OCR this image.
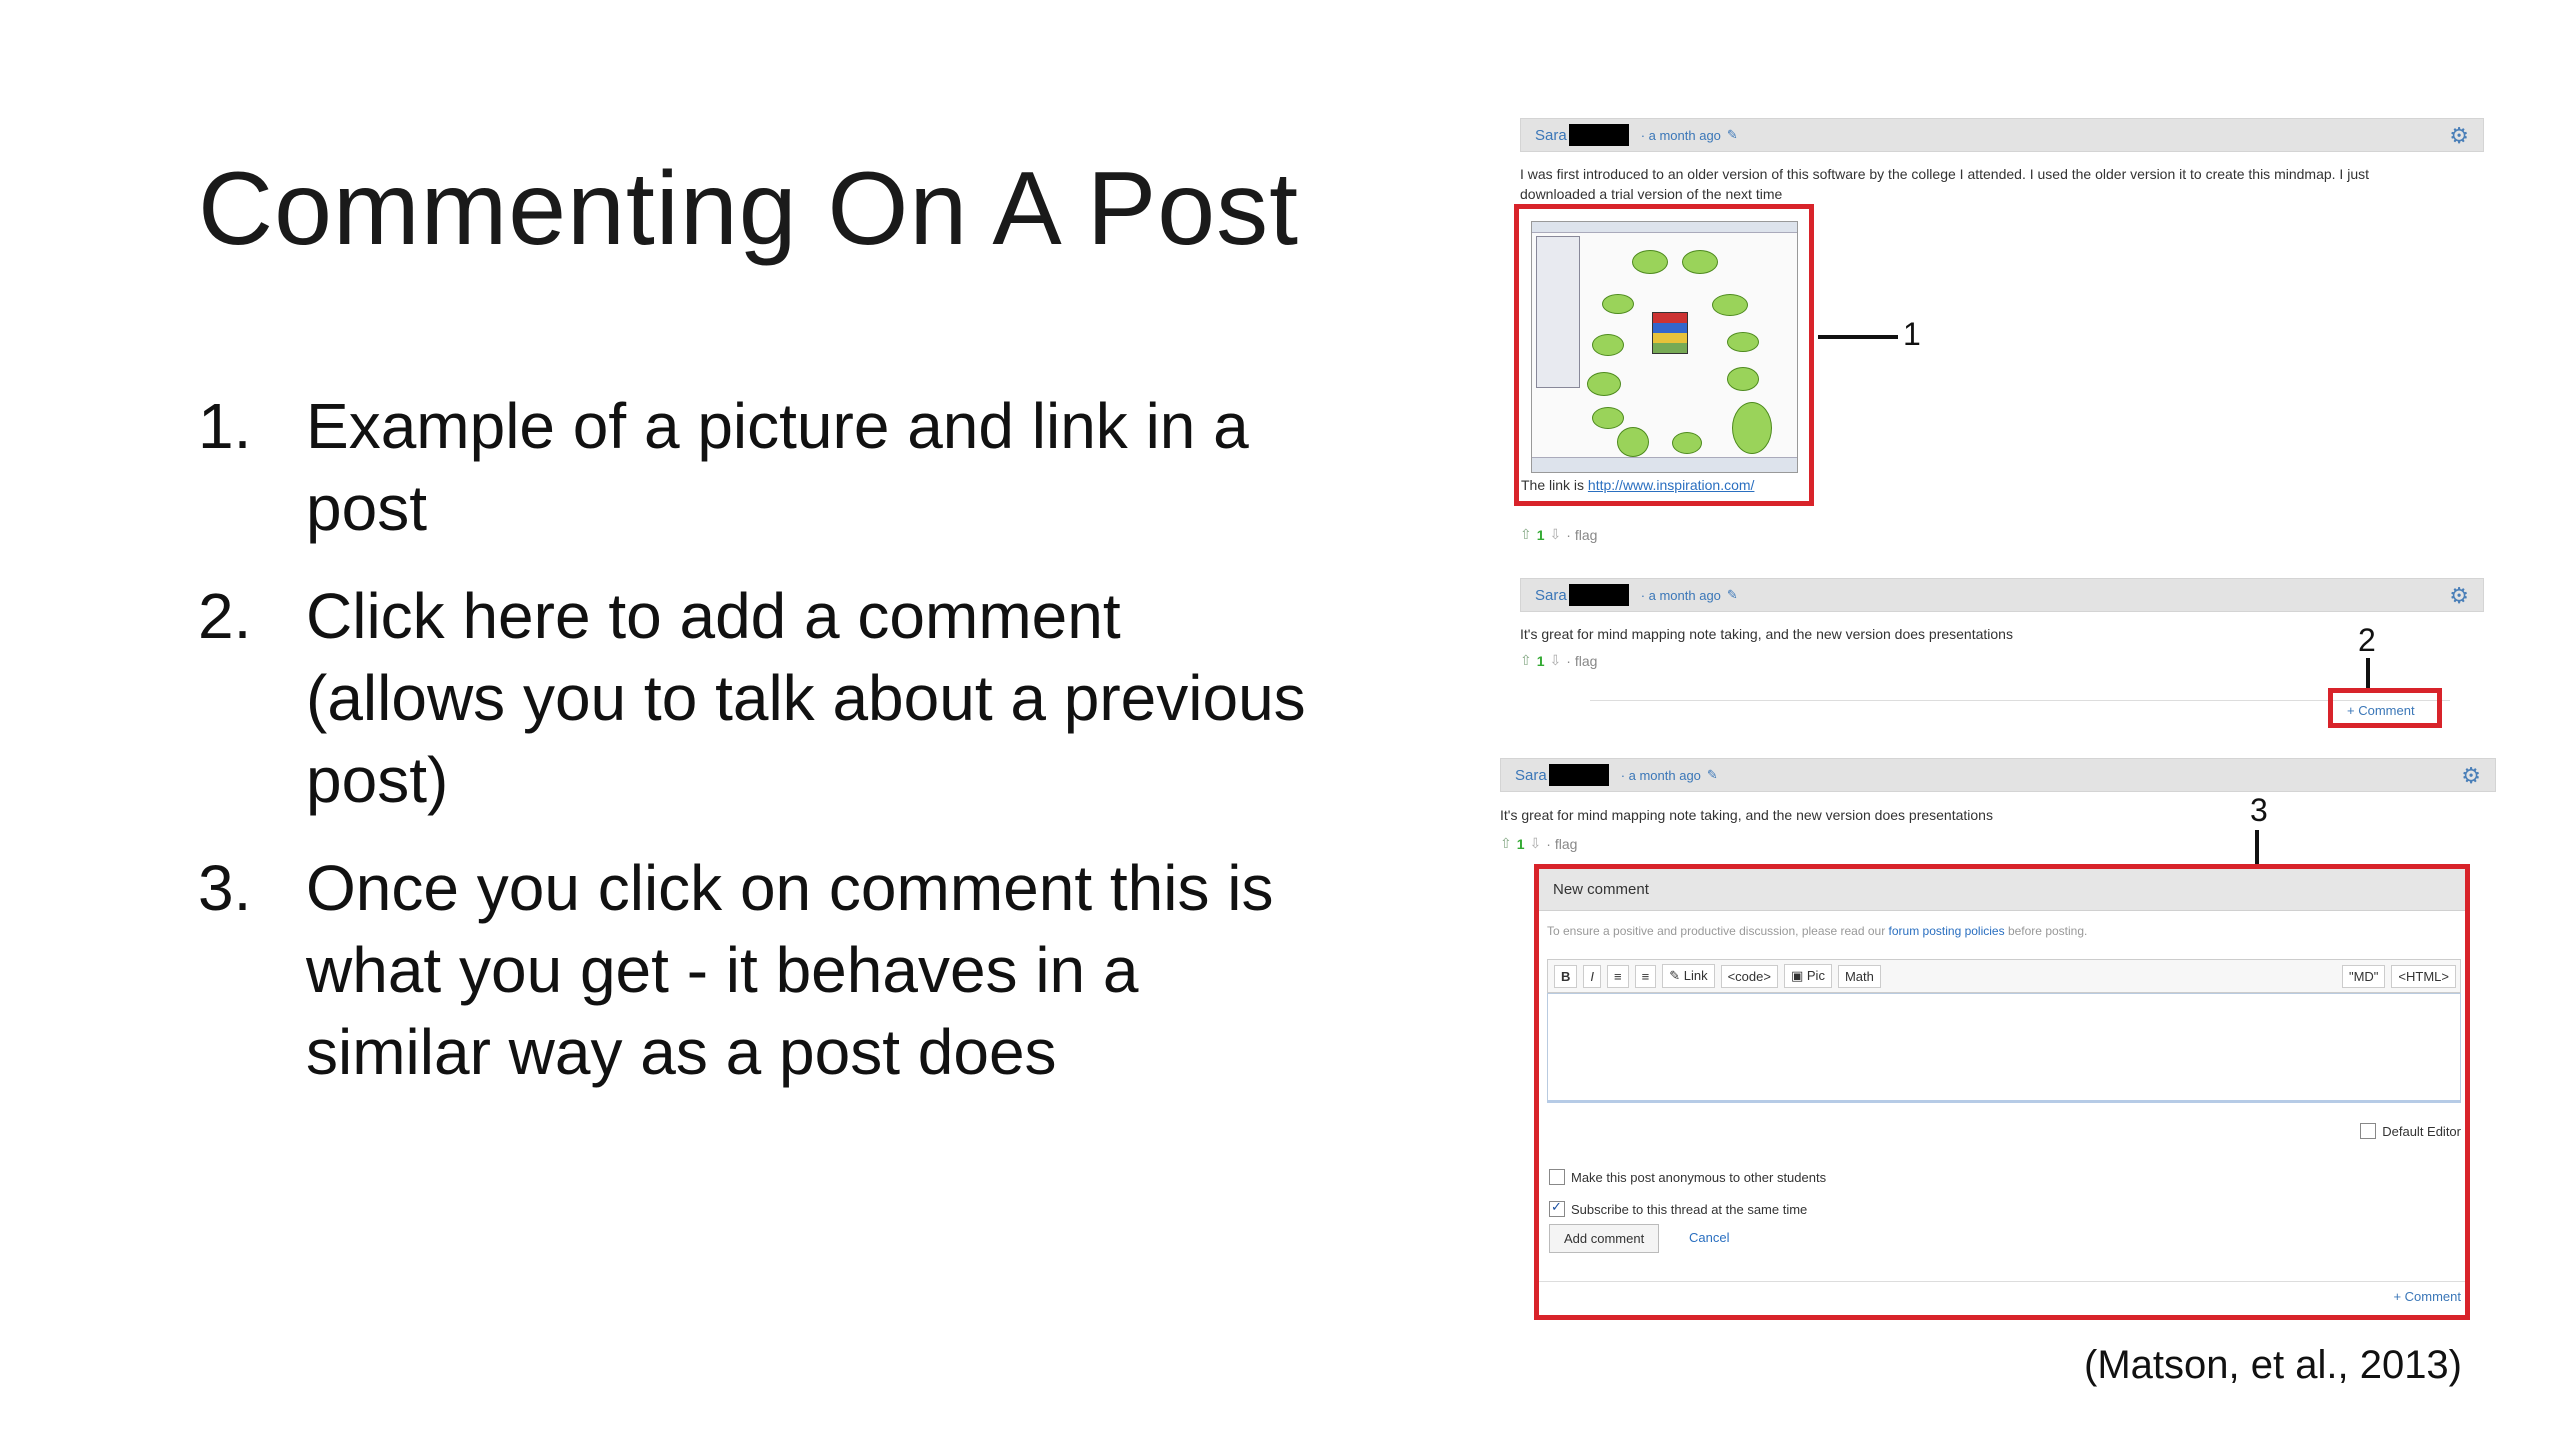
Commenting On A Post
1. Example of a picture and link in a post
2. Click here to add a comment (allows you to talk about a previous post)
3. Once you click on comment this is what you get - it behaves in a similar way as a post does
Sara	· a month ago ✎	⚙
I was first introduced to an older version of this software by the college I attended. I used the older version it to create this mindmap. I just
downloaded a trial version of the next time
The link is http://www.inspiration.com/
1
⇧ 1 ⇩ · flag
Sara	· a month ago ✎	⚙
It's great for mind mapping note taking, and the new version does presentations
⇧ 1 ⇩ · flag
2
+ Comment
Sara	· a month ago ✎	⚙
It's great for mind mapping note taking, and the new version does presentations
⇧ 1 ⇩ · flag
3
New comment
To ensure a positive and productive discussion, please read our forum posting policies before posting.
B	I	≡	≡	✎ Link	<code>	▣ Pic	Math	"MD"	<HTML>
Default Editor
Make this post anonymous to other students
✓
Subscribe to this thread at the same time
Add comment	Cancel
+ Comment
(Matson, et al., 2013)
